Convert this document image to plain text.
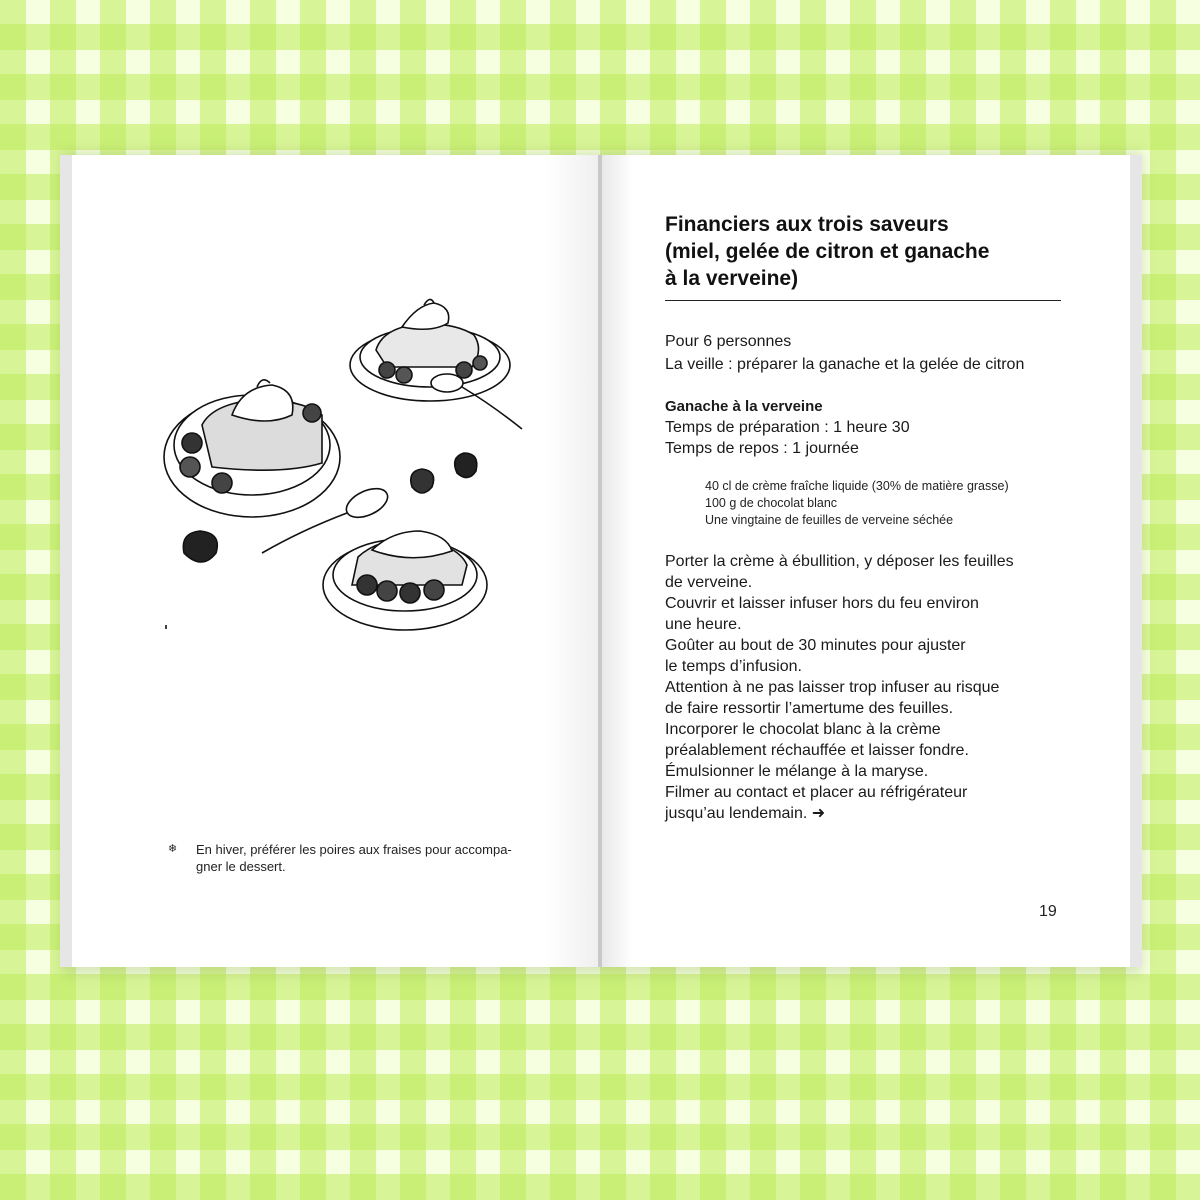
❄	En hiver, préférer les poires aux fraises pour accompa-
gner le dessert.
Financiers aux trois saveurs
(miel, gelée de citron et ganache
à la verveine)
Pour 6 personnes
La veille : préparer la ganache et la gelée de citron
Ganache à la verveine
Temps de préparation : 1 heure 30
Temps de repos : 1 journée
40 cl de crème fraîche liquide (30% de matière grasse)
100 g de chocolat blanc
Une vingtaine de feuilles de verveine séchée
Porter la crème à ébullition, y déposer les feuilles
de verveine.
Couvrir et laisser infuser hors du feu environ
une heure.
Goûter au bout de 30 minutes pour ajuster
le temps d’infusion.
Attention à ne pas laisser trop infuser au risque
de faire ressortir l’amertume des feuilles.
Incorporer le chocolat blanc à la crème
préalablement réchauffée et laisser fondre.
Émulsionner le mélange à la maryse.
Filmer au contact et placer au réfrigérateur
jusqu’au lendemain. ➜
19
